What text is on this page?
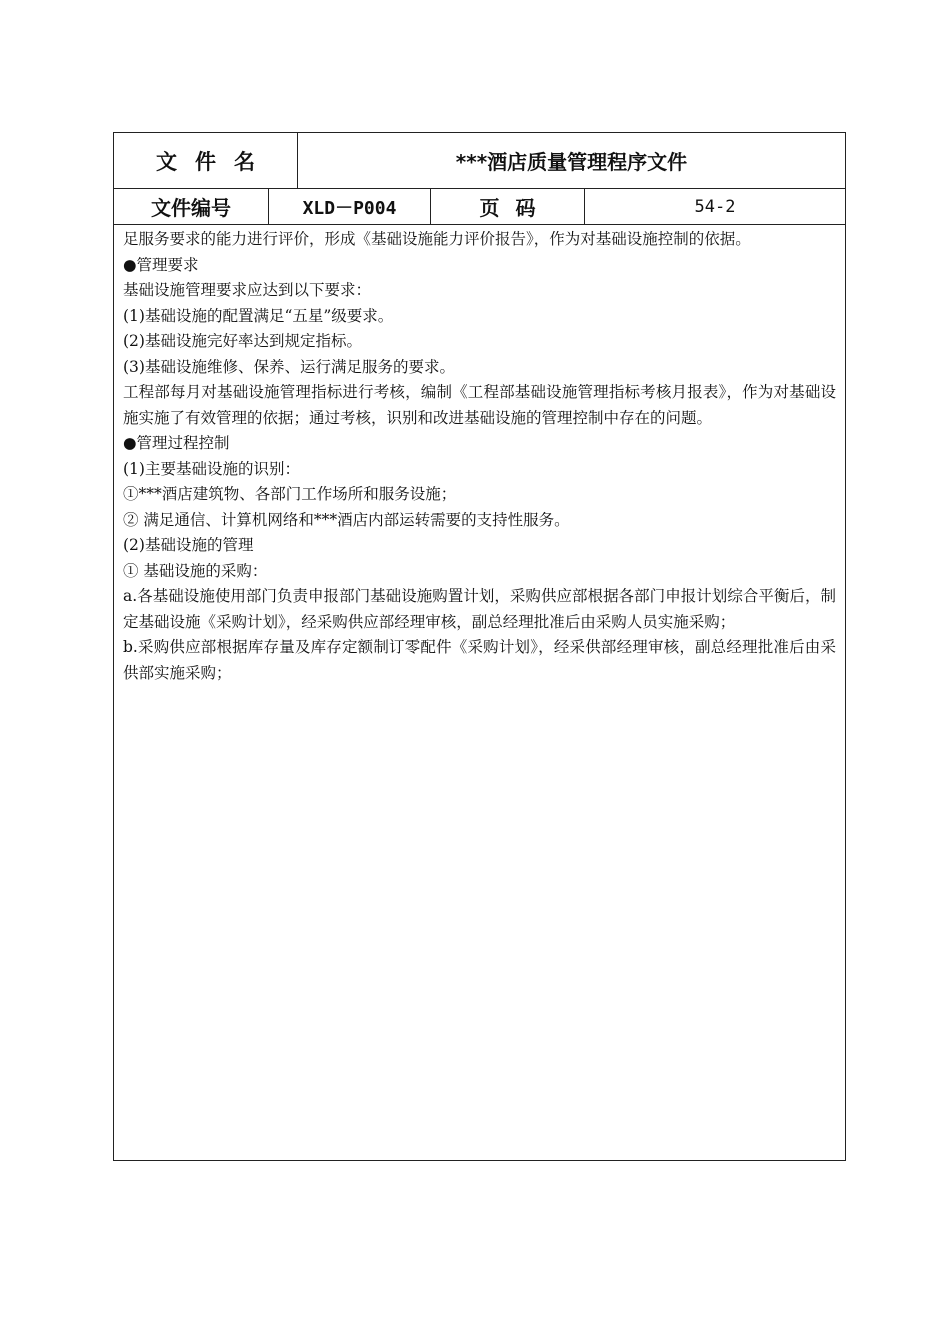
文件名	***酒店质量管理程序文件
文件编号	XLD－P004	页码	54-2

足服务要求的能力进行评价，形成《基础设施能力评价报告》，作为对基础设施控制的依据。

●管理要求

基础设施管理要求应达到以下要求：

(1)基础设施的配置满足“五星”级要求。

(2)基础设施完好率达到规定指标。

(3)基础设施维修、保养、运行满足服务的要求。

工程部每月对基础设施管理指标进行考核，编制《工程部基础设施管理指标考核月报表》，作为对基础设施实施了有效管理的依据；通过考核，识别和改进基础设施的管理控制中存在的问题。

●管理过程控制

(1)主要基础设施的识别：

①***酒店建筑物、各部门工作场所和服务设施；

② 满足通信、计算机网络和***酒店内部运转需要的支持性服务。

(2)基础设施的管理

① 基础设施的采购：

a.各基础设施使用部门负责申报部门基础设施购置计划，采购供应部根据各部门申报计划综合平衡后，制定基础设施《采购计划》，经采购供应部经理审核，副总经理批准后由采购人员实施采购；

b.采购供应部根据库存量及库存定额制订零配件《采购计划》，经采供部经理审核，副总经理批准后由采供部实施采购；
